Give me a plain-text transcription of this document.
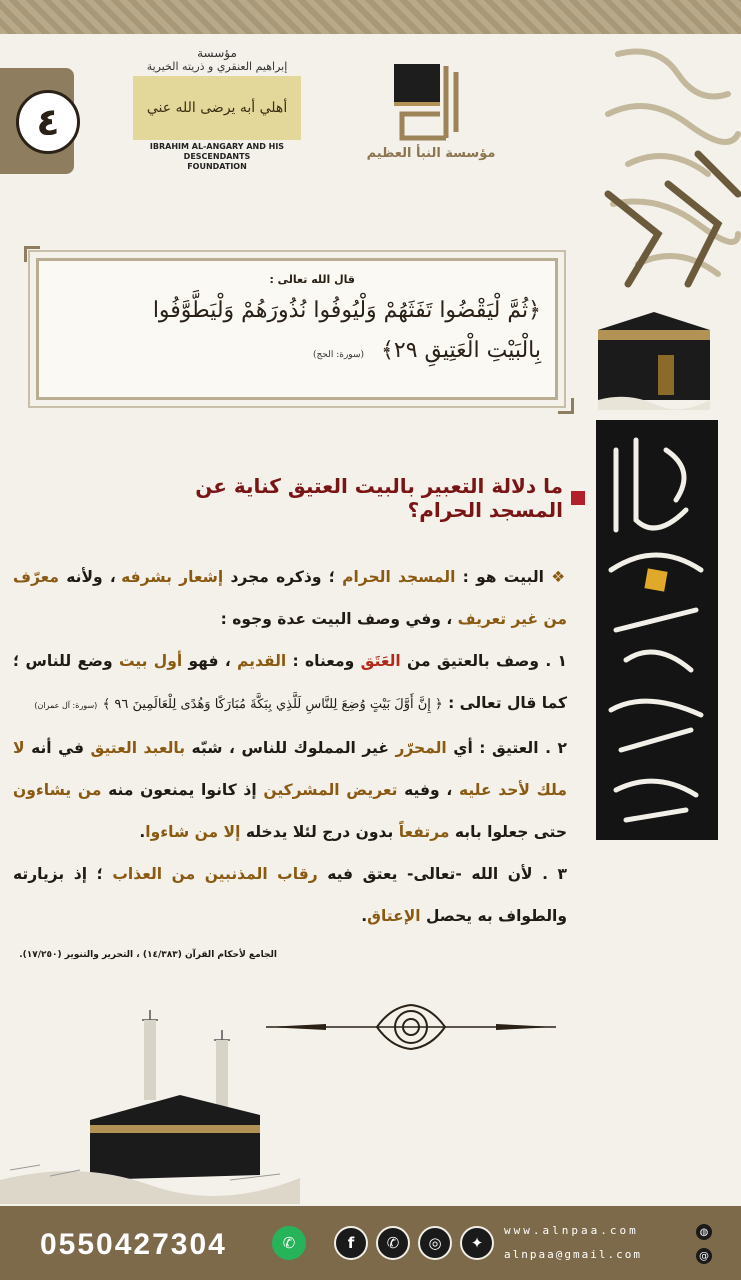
٤
مؤسسة
إبراهيم العنقري و ذريته الخيرية
أهلي أبه يرضى الله عني
IBRAHIM AL-ANGARY AND HIS DESCENDANTS
FOUNDATION
مؤسسة النبأ العظيم
قال الله تعالى :
﴿ثُمَّ لْيَقْضُوا تَفَثَهُمْ وَلْيُوفُوا نُذُورَهُمْ وَلْيَطَّوَّفُوا
بِالْبَيْتِ الْعَتِيقِ ٢٩﴾ (سورة: الحج)
ما دلالة التعبير بالبيت العتيق كناية عن المسجد الحرام؟

❖ البيت هو : المسجد الحرام ؛ وذكره مجرد إشعار بشرفه ، ولأنه معرّف من غير تعريف ، وفي وصف البيت عدة وجوه :

١ . وصف بالعتيق من العَتَق ومعناه : القديم ، فهو أول بيت وضع للناس ؛كما قال تعالى : ﴿ إِنَّ أَوَّلَ بَيْتٍ وُضِعَ لِلنَّاسِ لَلَّذِي بِبَكَّةَ مُبَارَكًا وَهُدًى لِلْعَالَمِينَ ٩٦ ﴾ (سورة: آل عمران)

٢ . العتيق : أي المحرّر غير المملوك للناس ، شبّه بالعبد العتيق في أنه لا ملك لأحد عليه ، وفيه تعريض المشركين إذ كانوا يمنعون منه من يشاءون حتى جعلوا بابه مرتفعاً بدون درج لئلا يدخله إلا من شاءوا.

٣ . لأن الله -تعالى- يعتق فيه رقاب المذنبين من العذاب ؛ إذ بزيارته والطواف به يحصل الإعتاق.

الجامع لأحكام القرآن (١٤/٣٨٣) ، التحرير والتنوير (١٧/٢٥٠).
0550427304	✆	f	✆	◎	✦
www.alnpaa.com
alnpaa@gmail.com
◍
@
